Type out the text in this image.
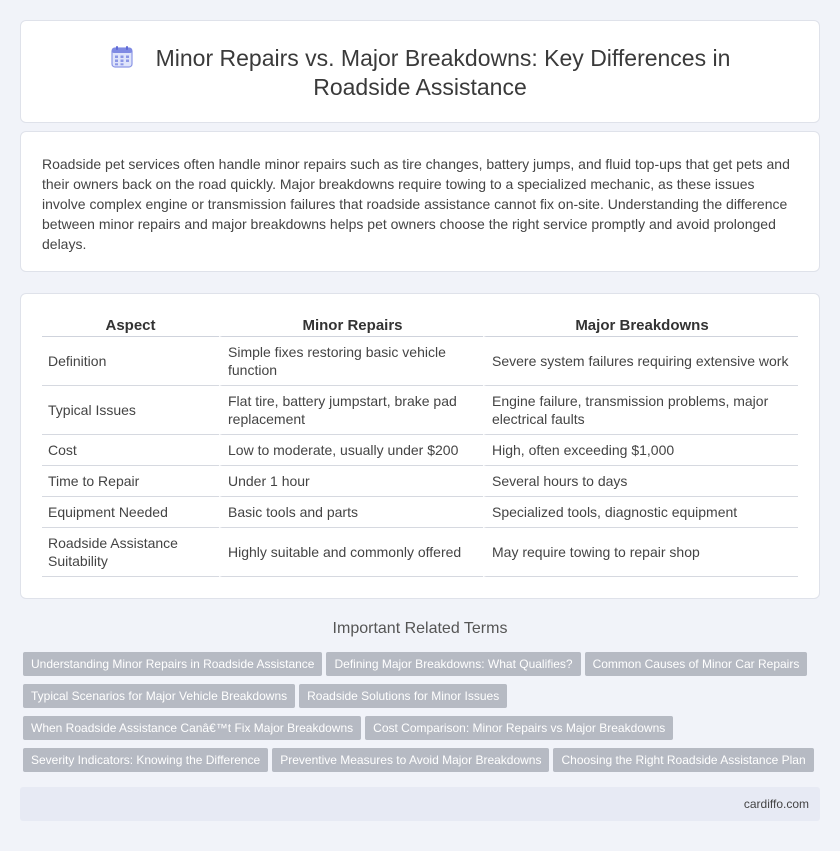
Minor Repairs vs. Major Breakdowns: Key Differences in Roadside Assistance

Roadside pet services often handle minor repairs such as tire changes, battery jumps, and fluid top-ups that get pets and their owners back on the road quickly. Major breakdowns require towing to a specialized mechanic, as these issues involve complex engine or transmission failures that roadside assistance cannot fix on-site. Understanding the difference between minor repairs and major breakdowns helps pet owners choose the right service promptly and avoid prolonged delays.

Aspect	Minor Repairs	Major Breakdowns
Definition	Simple fixes restoring basic vehicle function	Severe system failures requiring extensive work
Typical Issues	Flat tire, battery jumpstart, brake pad replacement	Engine failure, transmission problems, major electrical faults
Cost	Low to moderate, usually under $200	High, often exceeding $1,000
Time to Repair	Under 1 hour	Several hours to days
Equipment Needed	Basic tools and parts	Specialized tools, diagnostic equipment
Roadside Assistance Suitability	Highly suitable and commonly offered	May require towing to repair shop
Important Related Terms
Understanding Minor Repairs in Roadside Assistance Defining Major Breakdowns: What Qualifies? Common Causes of Minor Car Repairs
Typical Scenarios for Major Vehicle Breakdowns Roadside Solutions for Minor Issues
When Roadside Assistance Canâ€™t Fix Major Breakdowns Cost Comparison: Minor Repairs vs Major Breakdowns
Severity Indicators: Knowing the Difference Preventive Measures to Avoid Major Breakdowns Choosing the Right Roadside Assistance Plan
cardiffo.com
